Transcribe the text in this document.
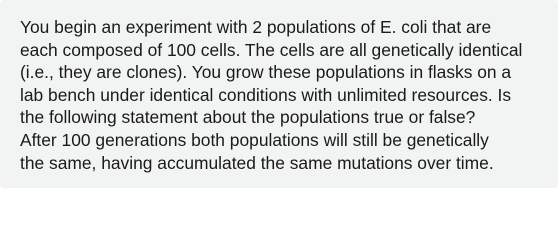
You begin an experiment with 2 populations of E. coli that are
each composed of 100 cells. The cells are all genetically identical
(i.e., they are clones). You grow these populations in flasks on a
lab bench under identical conditions with unlimited resources. Is
the following statement about the populations true or false?
After 100 generations both populations will still be genetically
the same, having accumulated the same mutations over time.
